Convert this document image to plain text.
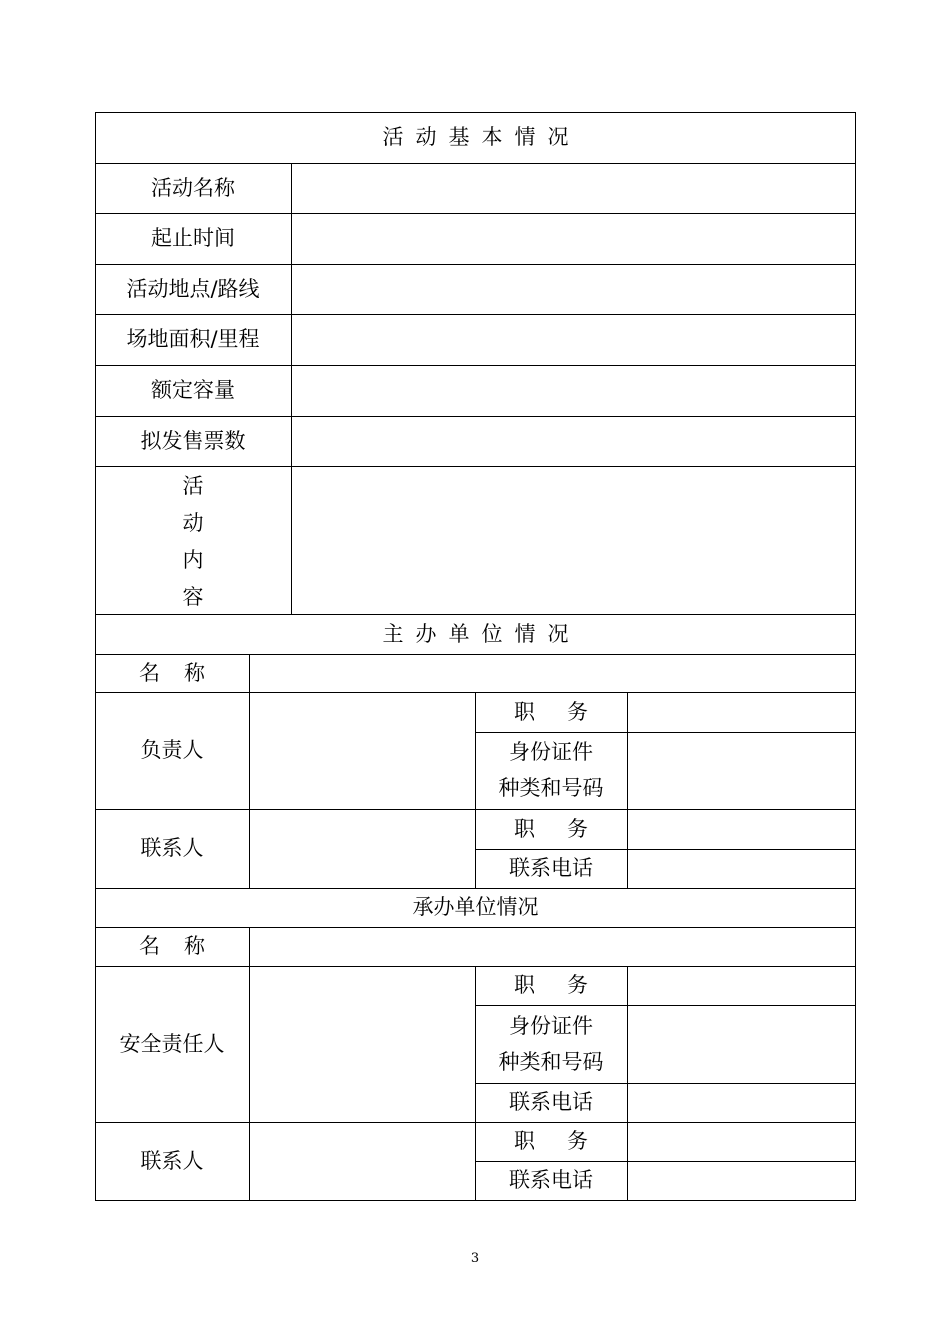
活动基本情况
活动名称
起止时间
活动地点/路线
场地面积/里程
额定容量
拟发售票数
活
动
内
容
主办单位情况
名称
负责人
职务
身份证件
种类和号码
联系人
职务
联系电话
承办单位情况
名称
安全责任人
职务
身份证件
种类和号码
联系电话
联系人
职务
联系电话
3
